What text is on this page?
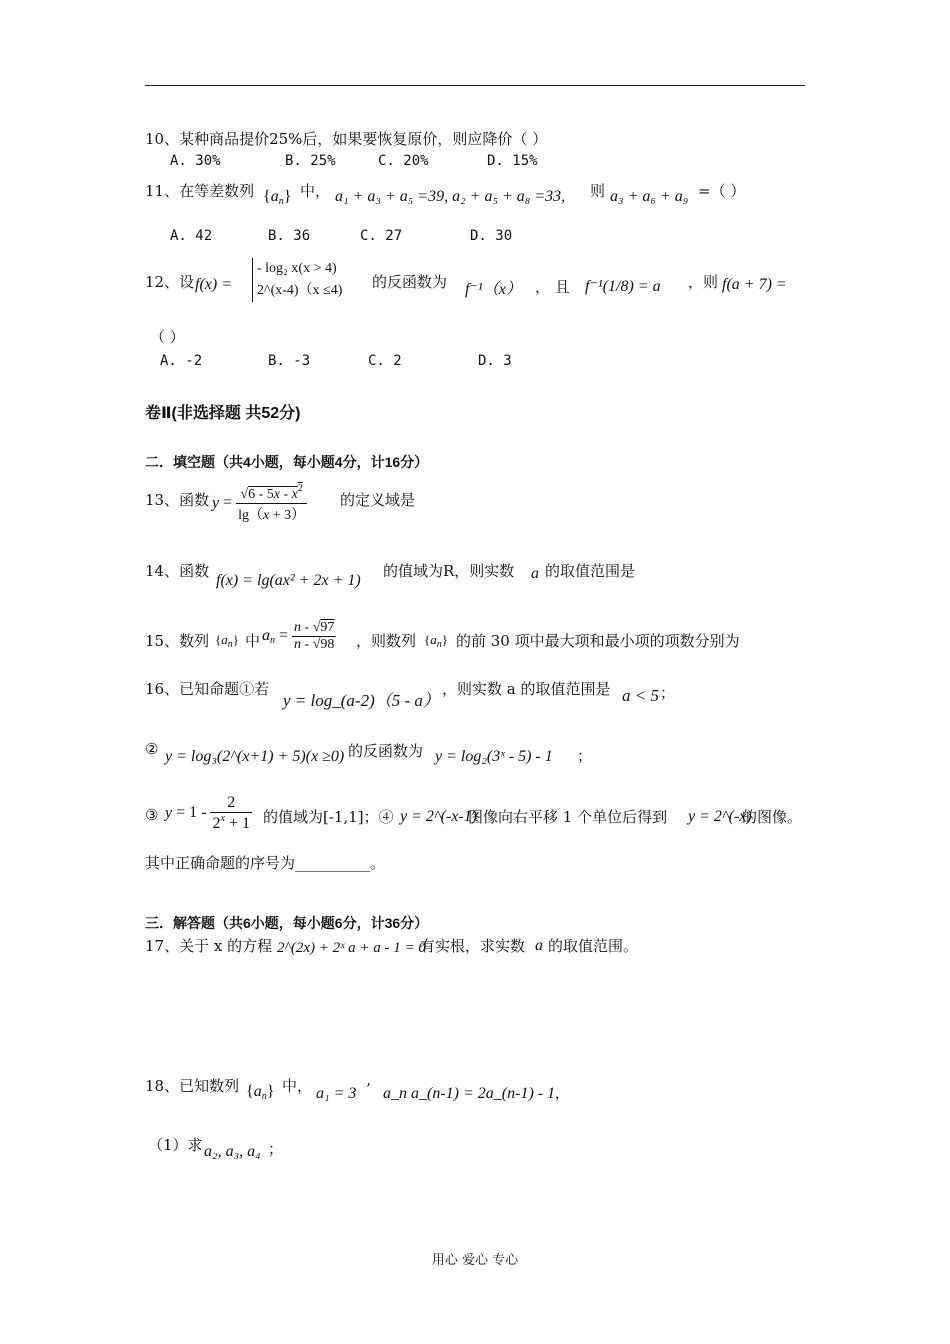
10、某种商品提价25%后，如果要恢复原价，则应降价（ ）
A. 30%	B. 25%	C. 20%	D. 15%
11、在等差数列 $\{a_n\}$ 中， a₁ + a₃ + a₅ =39, a₂ + a₅ + a₈ =33, 则 a₃ + a₆ + a₉ =（ ）
A. 42	B. 36	C. 27	D. 30
12、设 f(x) =
- log₂ x(x > 4)
2^(x-4)（x ≤4) 的反函数为 f⁻¹（x） ， 且 f⁻¹(1/8) = a ，则 f(a + 7) =
（ ）
A. -2	B. -3	C. 2	D. 3
卷Ⅱ(非选择题 共52分)
二．填空题（共4小题，每小题4分，计16分）
13、函数 $y = \frac{√6 - 5x - x^2}{\lg(x + 3)}$ 的定义域是
14、函数
f(x) = lg(ax² + 2x + 1)
的值域为R，则实数 a 的取值范围是
15、数列 $\{a_n\}$ 中 $a_n = \frac{n - √97}{n - √98}$ ，则数列 $\{a_n\}$ 的前 30 项中最大项和最小项的项数分别为
16、已知命题①若
y = log_(a-2)（5 - a）
，则实数 a 的取值范围是 a < 5 ；
② y = log₃(2^(x+1) + 5)(x ≥0) 的反函数为 y = log₂(3ˣ - 5) - 1 ；
③ $y = 1 - \frac{2}{2^x + 1}$ 的值域为[-1,1]；④ y = 2^(-x-1)
图像向右平移 1 个单位后得到 y = 2^(-x)
的图像。
其中正确命题的序号为__________。
三．解答题（共6小题，每小题6分，计36分）
17、关于 x 的方程 2^(2x) + 2ˣ a + a - 1 = 0
有实根，求实数 a 的取值范围。
18、已知数列 $\{a_n\}$ 中， a₁ = 3 ’ a_n a_(n-1) = 2a_(n-1) - 1,
（1）求 a₂, a₃, a₄ ；
用心 爱心 专心
